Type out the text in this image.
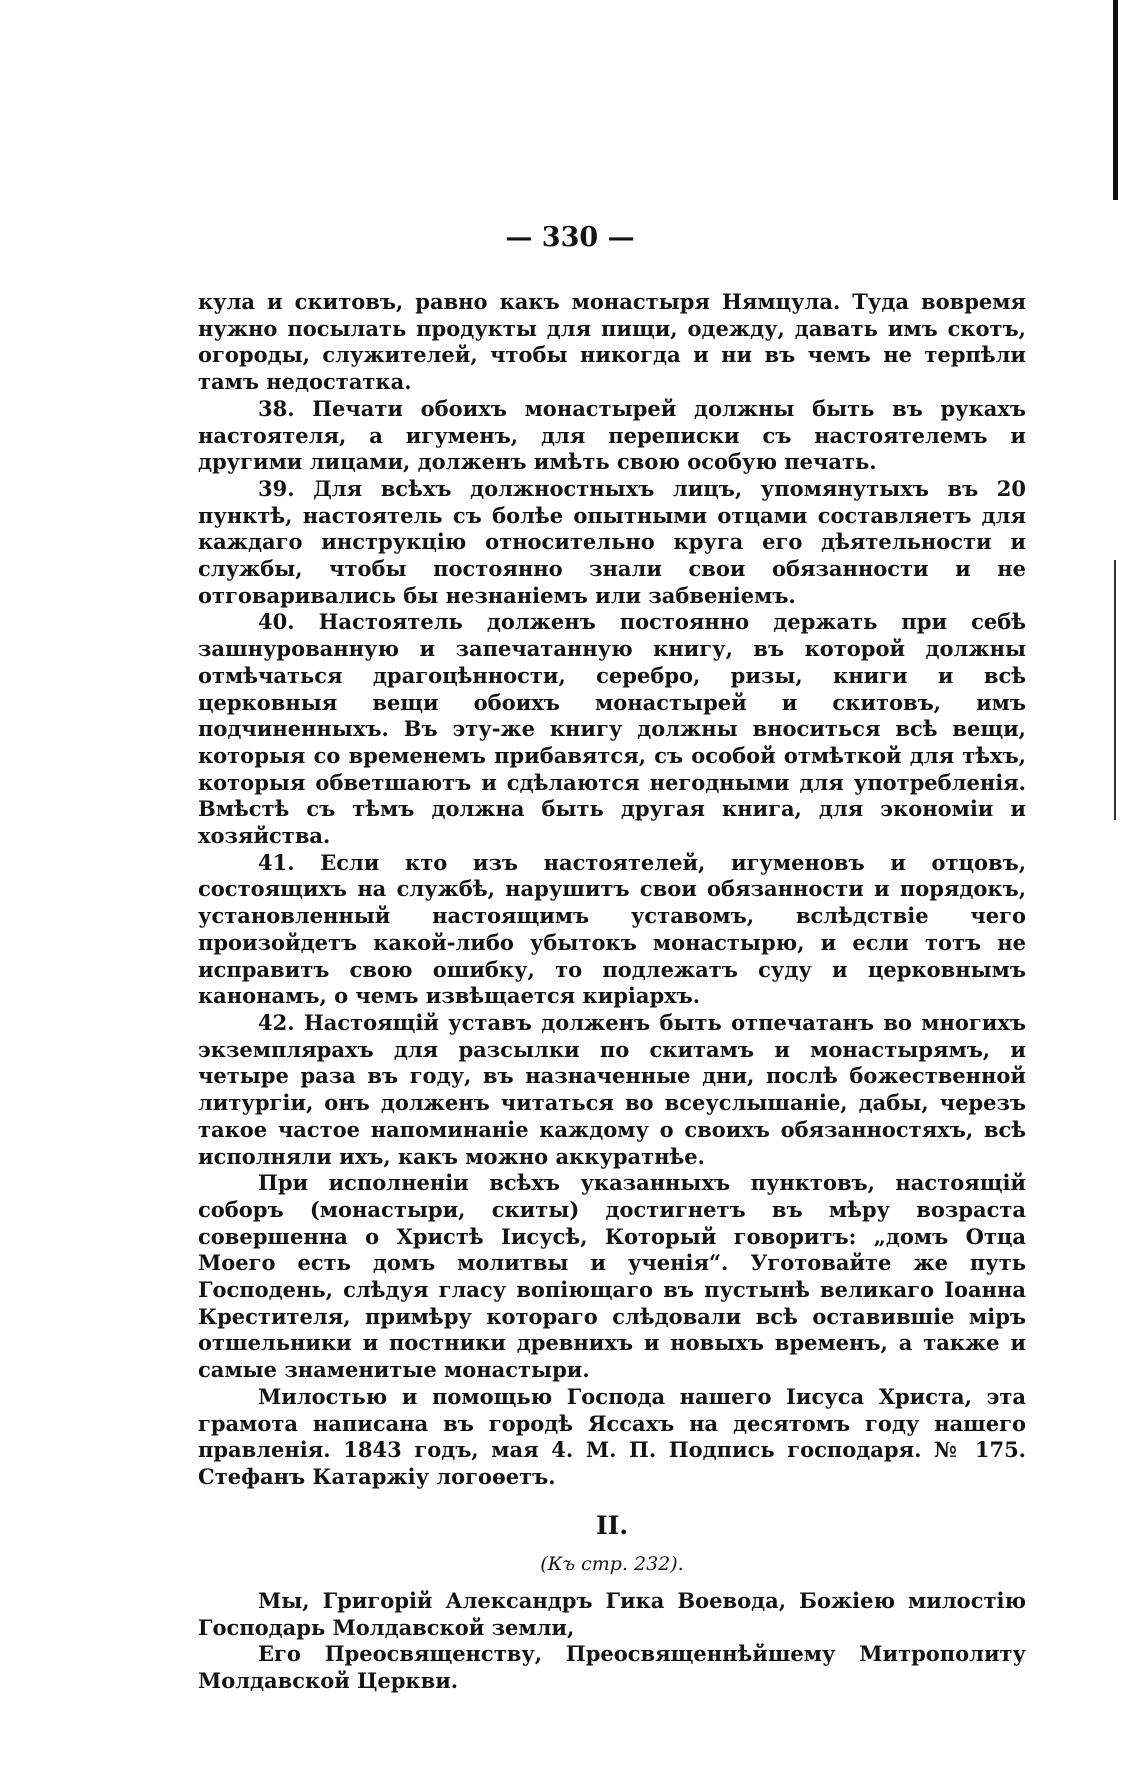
— 330 —

кула и скитовъ, равно какъ монастыря Нямцула. Туда вовремя нужно посылать продукты для пищи, одежду, давать имъ скотъ, огороды, служителей, чтобы никогда и ни въ чемъ не терпѣли тамъ недостатка.

38. Печати обоихъ монастырей должны быть въ рукахъ настоятеля, а игуменъ, для переписки съ настоятелемъ и другими лицами, долженъ имѣть свою особую печать.

39. Для всѣхъ должностныхъ лицъ, упомянутыхъ въ 20 пунктѣ, настоятель съ болѣе опытными отцами составляетъ для каждаго инструкцію относительно круга его дѣятельности и службы, чтобы постоянно знали свои обязанности и не отговаривались бы незнаніемъ или забвеніемъ.

40. Настоятель долженъ постоянно держать при себѣ зашнурованную и запечатанную книгу, въ которой должны отмѣчаться драгоцѣнности, серебро, ризы, книги и всѣ церковныя вещи обоихъ монастырей и скитовъ, имъ подчиненныхъ. Въ эту-же книгу должны вноситься всѣ вещи, которыя со временемъ прибавятся, съ особой отмѣткой для тѣхъ, которыя обветшаютъ и сдѣлаются негодными для употребленія. Вмѣстѣ съ тѣмъ должна быть другая книга, для экономіи и хозяйства.

41. Если кто изъ настоятелей, игуменовъ и отцовъ, состоящихъ на службѣ, нарушитъ свои обязанности и порядокъ, установленный настоящимъ уставомъ, вслѣдствіе чего произойдетъ какой-либо убытокъ монастырю, и если тотъ не исправитъ свою ошибку, то подлежатъ суду и церковнымъ канонамъ, о чемъ извѣщается киріархъ.

42. Настоящій уставъ долженъ быть отпечатанъ во многихъ экземплярахъ для разсылки по скитамъ и монастырямъ, и четыре раза въ году, въ назначенные дни, послѣ божественной литургіи, онъ долженъ читаться во всеуслышаніе, дабы, черезъ такое частое напоминаніе каждому о своихъ обязанностяхъ, всѣ исполняли ихъ, какъ можно аккуратнѣе.

При исполненіи всѣхъ указанныхъ пунктовъ, настоящій соборъ (монастыри, скиты) достигнетъ въ мѣру возраста совершенна о Христѣ Іисусѣ, Который говоритъ: „домъ Отца Моего есть домъ молитвы и ученія“. Уготовайте же путь Господень, слѣдуя гласу вопіющаго въ пустынѣ великаго Іоанна Крестителя, примѣру котораго слѣдовали всѣ оставившіе міръ отшельники и постники древнихъ и новыхъ временъ, а также и самые знаменитые монастыри.

Милостью и помощью Господа нашего Іисуса Христа, эта грамота написана въ городѣ Яссахъ на десятомъ году нашего правленія. 1843 годъ, мая 4. М. П. Подпись господаря. № 175. Стефанъ Катаржіу логоѳетъ.

II.
(Къ стр. 232).

Мы, Григорій Александръ Гика Воевода, Божіею милостію Господарь Молдавской земли,

Его Преосвященству, Преосвященнѣйшему Митрополиту Молдавской Церкви.
